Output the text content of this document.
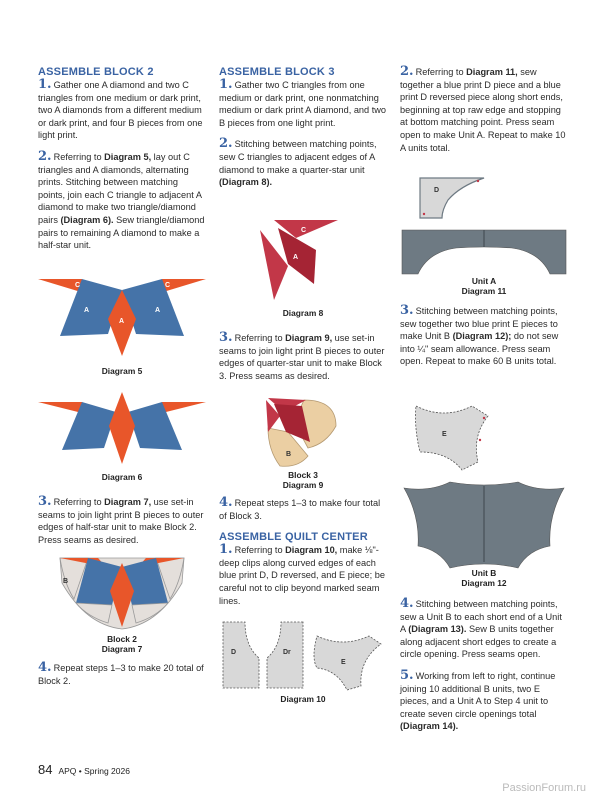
ASSEMBLE BLOCK 2

1. Gather one A diamond and two C triangles from one medium or dark print, two A diamonds from a different medium or dark print, and four B pieces from one light print.

2. Referring to Diagram 5, lay out C triangles and A diamonds, alternating prints. Stitching between matching points, join each C triangle to adjacent A diamond to make two triangle/diamond pairs (Diagram 6). Sew triangle/diamond pairs to remaining A diamond to make a half-star unit.

C	C
A	A
A
Diagram 5
Diagram 6

3. Referring to Diagram 7, use set-in seams to join light print B pieces to outer edges of half-star unit to make Block 2. Press seams as desired.

B
Block 2
Diagram 7

4. Repeat steps 1–3 to make 20 total of Block 2.

ASSEMBLE BLOCK 3

1. Gather two C triangles from one medium or dark print, one nonmatching medium or dark print A diamond, and two B pieces from one light print.

2. Stitching between matching points, sew C triangles to adjacent edges of A diamond to make a quarter-star unit (Diagram 8).

C
C
A
Diagram 8

3. Referring to Diagram 9, use set-in seams to join light print B pieces to outer edges of quarter-star unit to make Block 3. Press seams as desired.

B
Block 3
Diagram 9

4. Repeat steps 1–3 to make four total of Block 3.

ASSEMBLE QUILT CENTER

1. Referring to Diagram 10, make ⅛"-deep clips along curved edges of each blue print D, D reversed, and E piece; be careful not to clip beyond marked seam lines.

D	Dr
E
Diagram 10

2. Referring to Diagram 11, sew together a blue print D piece and a blue print D reversed piece along short ends, beginning at top raw edge and stopping at bottom matching point. Press seam open to make Unit A. Repeat to make 10 A units total.

D
Unit A
Diagram 11

3. Stitching between matching points, sew together two blue print E pieces to make Unit B (Diagram 12); do not sew into ¼" seam allowance. Press seam open. Repeat to make 60 B units total.

E
Unit B
Diagram 12

4. Stitching between matching points, sew a Unit B to each short end of a Unit A (Diagram 13). Sew B units together along adjacent short edges to create a circle opening. Press seams open.

5. Working from left to right, continue joining 10 additional B units, two E pieces, and a Unit A to Step 4 unit to create seven circle openings total (Diagram 14).

84 APQ • Spring 2026
PassionForum.ru
